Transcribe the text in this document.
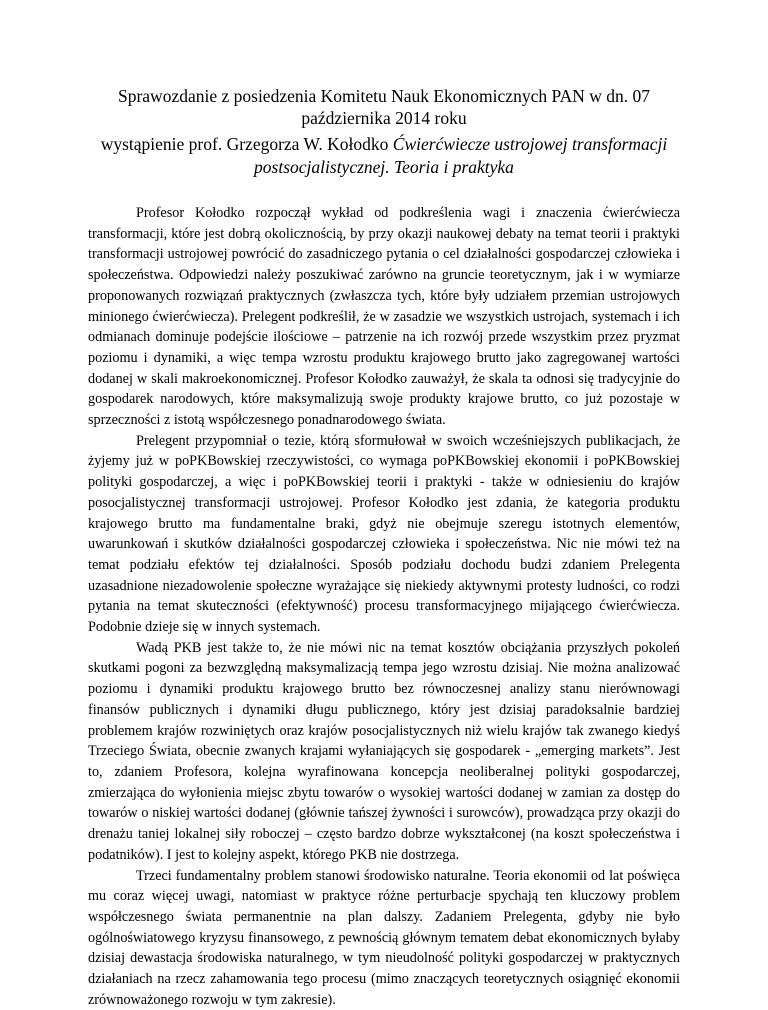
Sprawozdanie z posiedzenia Komitetu Nauk Ekonomicznych PAN w dn. 07 października 2014 roku

wystąpienie prof. Grzegorza W. Kołodko Ćwierćwiecze ustrojowej transformacji postsocjalistycznej. Teoria i praktyka

Profesor Kołodko rozpoczął wykład od podkreślenia wagi i znaczenia ćwierćwiecza transformacji, które jest dobrą okolicznością, by przy okazji naukowej debaty na temat teorii i praktyki transformacji ustrojowej powrócić do zasadniczego pytania o cel działalności gospodarczej człowieka i społeczeństwa. Odpowiedzi należy poszukiwać zarówno na gruncie teoretycznym, jak i w wymiarze proponowanych rozwiązań praktycznych (zwłaszcza tych, które były udziałem przemian ustrojowych minionego ćwierćwiecza). Prelegent podkreślił, że w zasadzie we wszystkich ustrojach, systemach i ich odmianach dominuje podejście ilościowe – patrzenie na ich rozwój przede wszystkim przez pryzmat poziomu i dynamiki, a więc tempa wzrostu produktu krajowego brutto jako zagregowanej wartości dodanej w skali makroekonomicznej. Profesor Kołodko zauważył, że skala ta odnosi się tradycyjnie do gospodarek narodowych, które maksymalizują swoje produkty krajowe brutto, co już pozostaje w sprzeczności z istotą współczesnego ponadnarodowego świata.

Prelegent przypomniał o tezie, którą sformułował w swoich wcześniejszych publikacjach, że żyjemy już w poPKBowskiej rzeczywistości, co wymaga poPKBowskiej ekonomii i poPKBowskiej polityki gospodarczej, a więc i poPKBowskiej teorii i praktyki - także w odniesieniu do krajów posocjalistycznej transformacji ustrojowej. Profesor Kołodko jest zdania, że kategoria produktu krajowego brutto ma fundamentalne braki, gdyż nie obejmuje szeregu istotnych elementów, uwarunkowań i skutków działalności gospodarczej człowieka i społeczeństwa. Nic nie mówi też na temat podziału efektów tej działalności. Sposób podziału dochodu budzi zdaniem Prelegenta uzasadnione niezadowolenie społeczne wyrażające się niekiedy aktywnymi protesty ludności, co rodzi pytania na temat skuteczności (efektywność) procesu transformacyjnego mijającego ćwierćwiecza. Podobnie dzieje się w innych systemach.

Wadą PKB jest także to, że nie mówi nic na temat kosztów obciążania przyszłych pokoleń skutkami pogoni za bezwzględną maksymalizacją tempa jego wzrostu dzisiaj. Nie można analizować poziomu i dynamiki produktu krajowego brutto bez równoczesnej analizy stanu nierównowagi finansów publicznych i dynamiki długu publicznego, który jest dzisiaj paradoksalnie bardziej problemem krajów rozwiniętych oraz krajów posocjalistycznych niż wielu krajów tak zwanego kiedyś Trzeciego Świata, obecnie zwanych krajami wyłaniających się gospodarek - „emerging markets”. Jest to, zdaniem Profesora, kolejna wyrafinowana koncepcja neoliberalnej polityki gospodarczej, zmierzająca do wyłonienia miejsc zbytu towarów o wysokiej wartości dodanej w zamian za dostęp do towarów o niskiej wartości dodanej (głównie tańszej żywności i surowców), prowadząca przy okazji do drenażu taniej lokalnej siły roboczej – często bardzo dobrze wykształconej (na koszt społeczeństwa i podatników). I jest to kolejny aspekt, którego PKB nie dostrzega.

Trzeci fundamentalny problem stanowi środowisko naturalne. Teoria ekonomii od lat poświęca mu coraz więcej uwagi, natomiast w praktyce różne perturbacje spychają ten kluczowy problem współczesnego świata permanentnie na plan dalszy. Zadaniem Prelegenta, gdyby nie było ogólnoświatowego kryzysu finansowego, z pewnością głównym tematem debat ekonomicznych byłaby dzisiaj dewastacja środowiska naturalnego, w tym nieudolność polityki gospodarczej w praktycznych działaniach na rzecz zahamowania tego procesu (mimo znaczących teoretycznych osiągnięć ekonomii zrównoważonego rozwoju w tym zakresie).
